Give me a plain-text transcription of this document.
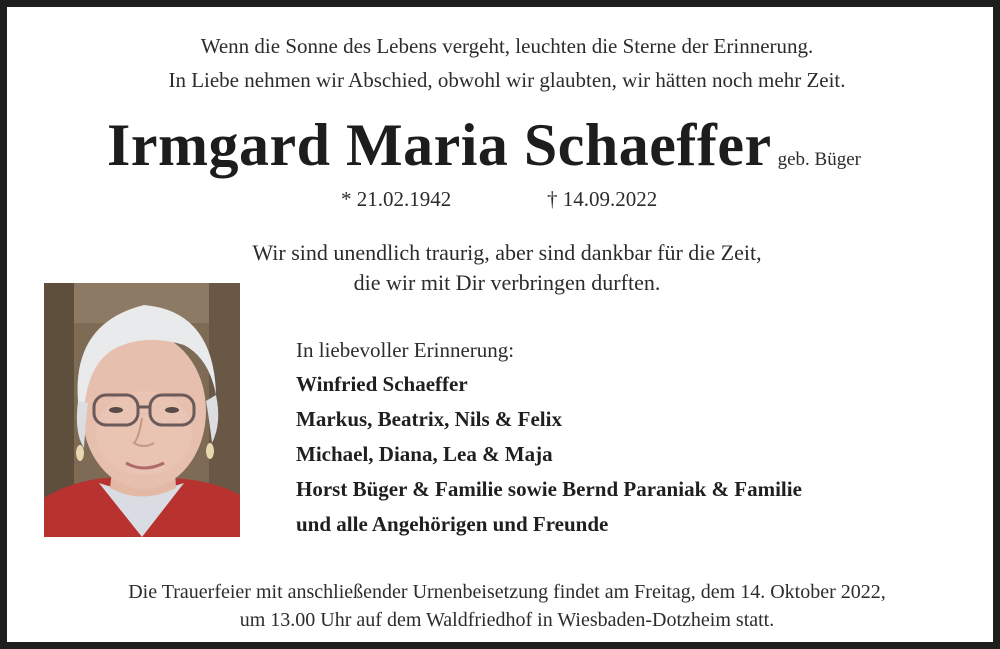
Wenn die Sonne des Lebens vergeht, leuchten die Sterne der Erinnerung.
In Liebe nehmen wir Abschied, obwohl wir glaubten, wir hätten noch mehr Zeit.
Irmgard Maria Schaeffer geb. Büger
* 21.02.1942	† 14.09.2022
Wir sind unendlich traurig, aber sind dankbar für die Zeit,
die wir mit Dir verbringen durften.
In liebevoller Erinnerung:
Winfried Schaeffer
Markus, Beatrix, Nils & Felix
Michael, Diana, Lea & Maja
Horst Büger & Familie sowie Bernd Paraniak & Familie
und alle Angehörigen und Freunde
Die Trauerfeier mit anschließender Urnenbeisetzung findet am Freitag, dem 14. Oktober 2022,
um 13.00 Uhr auf dem Waldfriedhof in Wiesbaden-Dotzheim statt.
